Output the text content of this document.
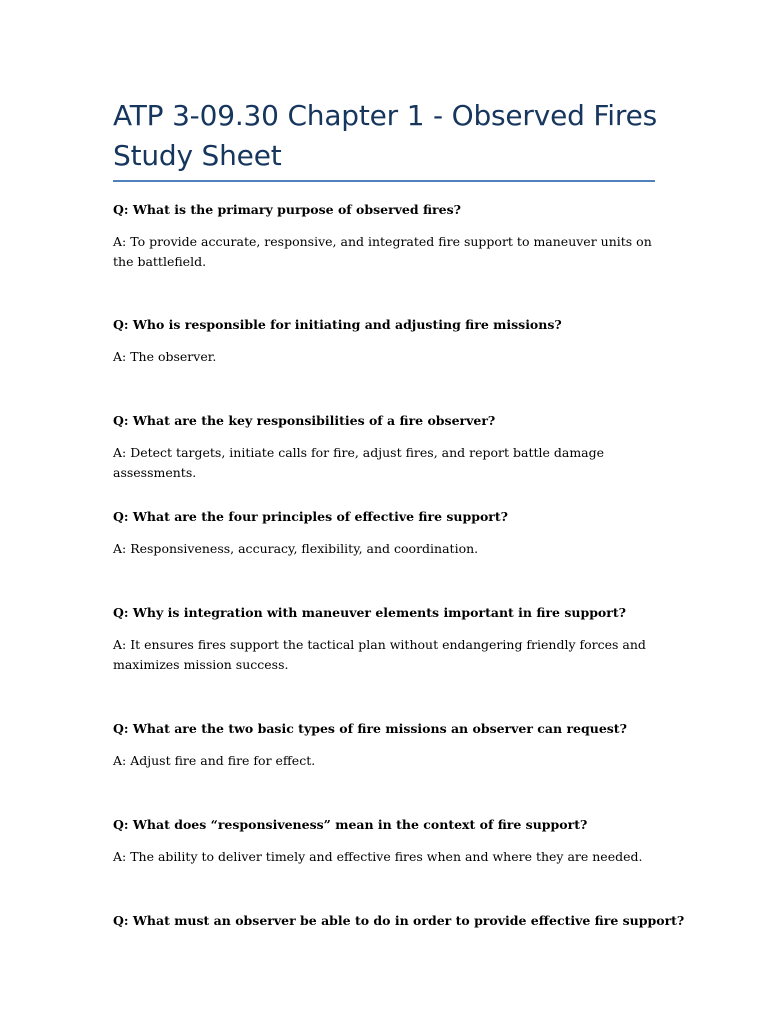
ATP 3-09.30 Chapter 1 - Observed Fires Study Sheet

Q: What is the primary purpose of observed fires?

A: To provide accurate, responsive, and integrated fire support to maneuver units on the battlefield.

Q: Who is responsible for initiating and adjusting fire missions?

A: The observer.

Q: What are the key responsibilities of a fire observer?

A: Detect targets, initiate calls for fire, adjust fires, and report battle damage assessments.

Q: What are the four principles of effective fire support?

A: Responsiveness, accuracy, flexibility, and coordination.

Q: Why is integration with maneuver elements important in fire support?

A: It ensures fires support the tactical plan without endangering friendly forces and maximizes mission success.

Q: What are the two basic types of fire missions an observer can request?

A: Adjust fire and fire for effect.

Q: What does “responsiveness” mean in the context of fire support?

A: The ability to deliver timely and effective fires when and where they are needed.

Q: What must an observer be able to do in order to provide effective fire support?
